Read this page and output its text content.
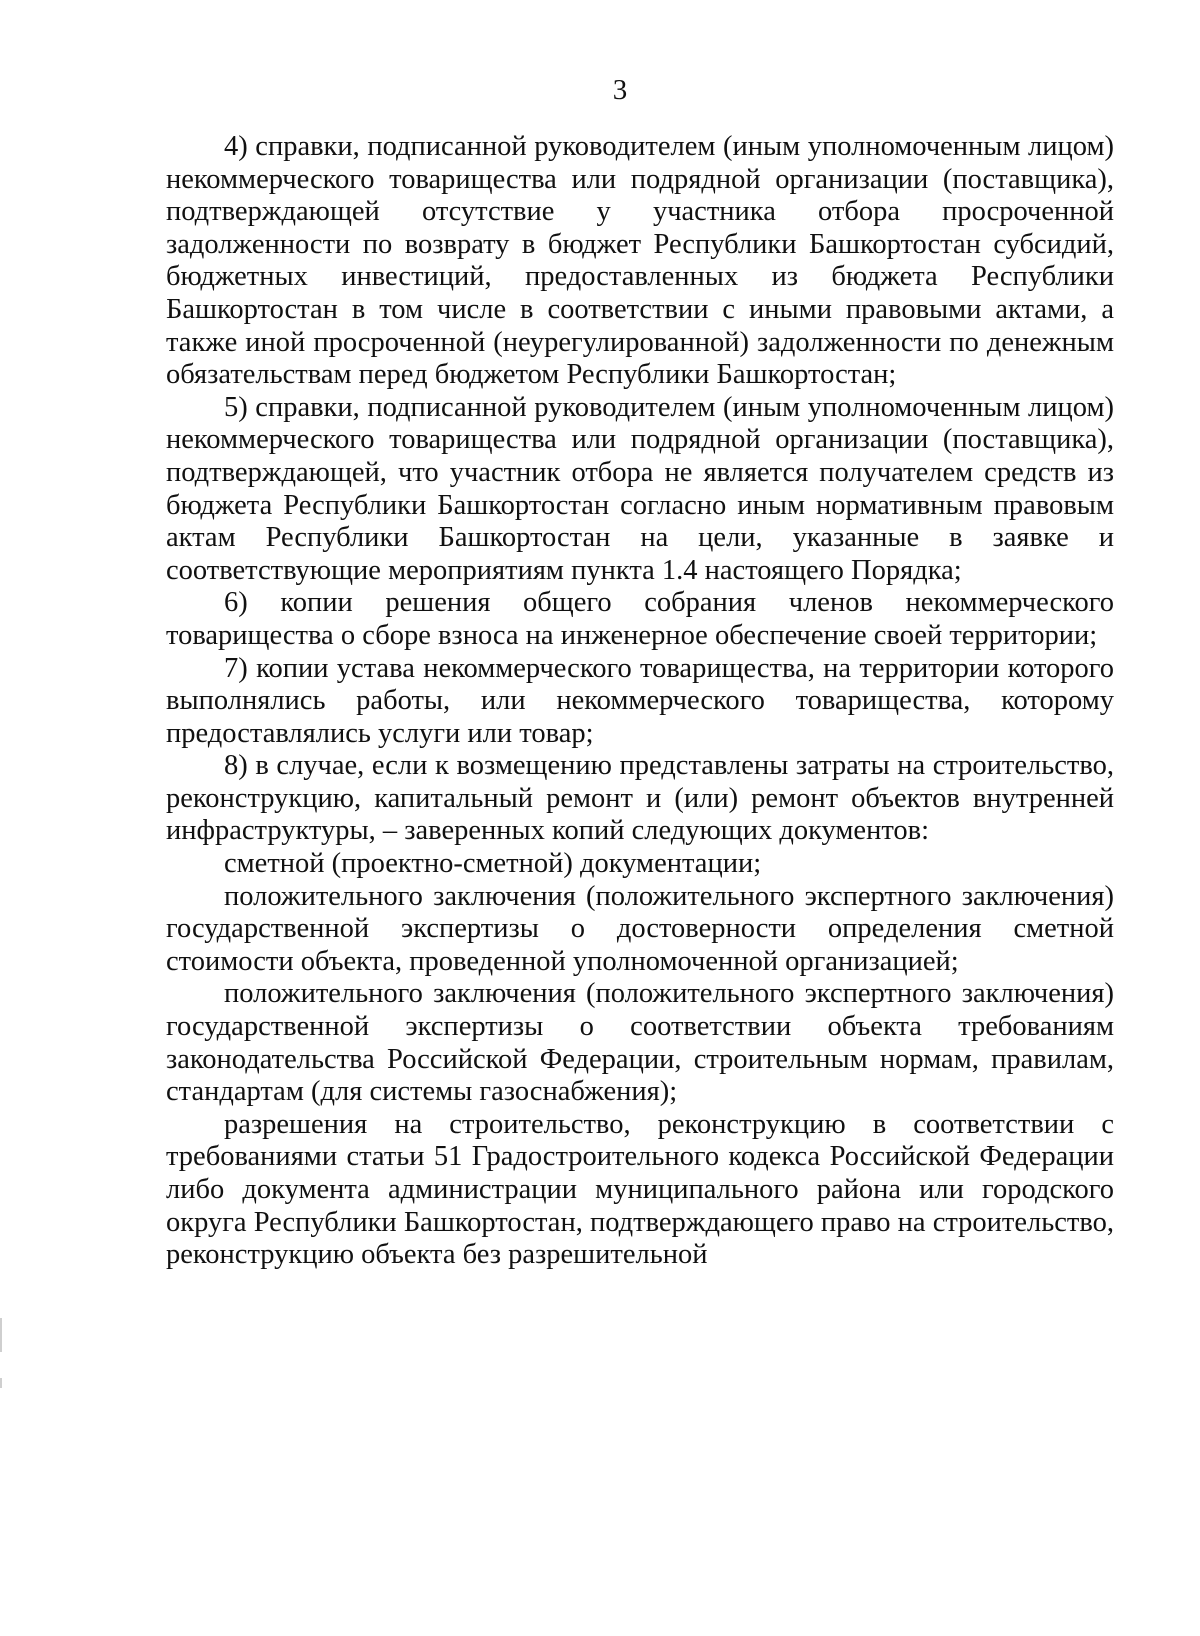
3

4) справки, подписанной руководителем (иным уполномоченным лицом) некоммерческого товарищества или подрядной организации (поставщика), подтверждающей отсутствие у участника отбора просроченной задолженности по возврату в бюджет Республики Башкортостан субсидий, бюджетных инвестиций, предоставленных из бюджета Республики Башкортостан в том числе в соответствии с иными правовыми актами, а также иной просроченной (неурегулированной) задолженности по денежным обязательствам перед бюджетом Республики Башкортостан;

5) справки, подписанной руководителем (иным уполномоченным лицом) некоммерческого товарищества или подрядной организации (поставщика), подтверждающей, что участник отбора не является получателем средств из бюджета Республики Башкортостан согласно иным нормативным правовым актам Республики Башкортостан на цели, указанные в заявке и соответствующие мероприятиям пункта 1.4 настоящего Порядка;

6) копии решения общего собрания членов некоммерческого товарищества о сборе взноса на инженерное обеспечение своей территории;

7) копии устава некоммерческого товарищества, на территории которого выполнялись работы, или некоммерческого товарищества, которому предоставлялись услуги или товар;

8) в случае, если к возмещению представлены затраты на строительство, реконструкцию, капитальный ремонт и (или) ремонт объектов внутренней инфраструктуры, – заверенных копий следующих документов:

сметной (проектно-сметной) документации;

положительного заключения (положительного экспертного заключения) государственной экспертизы о достоверности определения сметной стоимости объекта, проведенной уполномоченной организацией;

положительного заключения (положительного экспертного заключения) государственной экспертизы о соответствии объекта требованиям законодательства Российской Федерации, строительным нормам, правилам, стандартам (для системы газоснабжения);

разрешения на строительство, реконструкцию в соответствии с требованиями статьи 51 Градостроительного кодекса Российской Федерации либо документа администрации муниципального района или городского округа Республики Башкортостан, подтверждающего право на строительство, реконструкцию объекта без разрешительной
